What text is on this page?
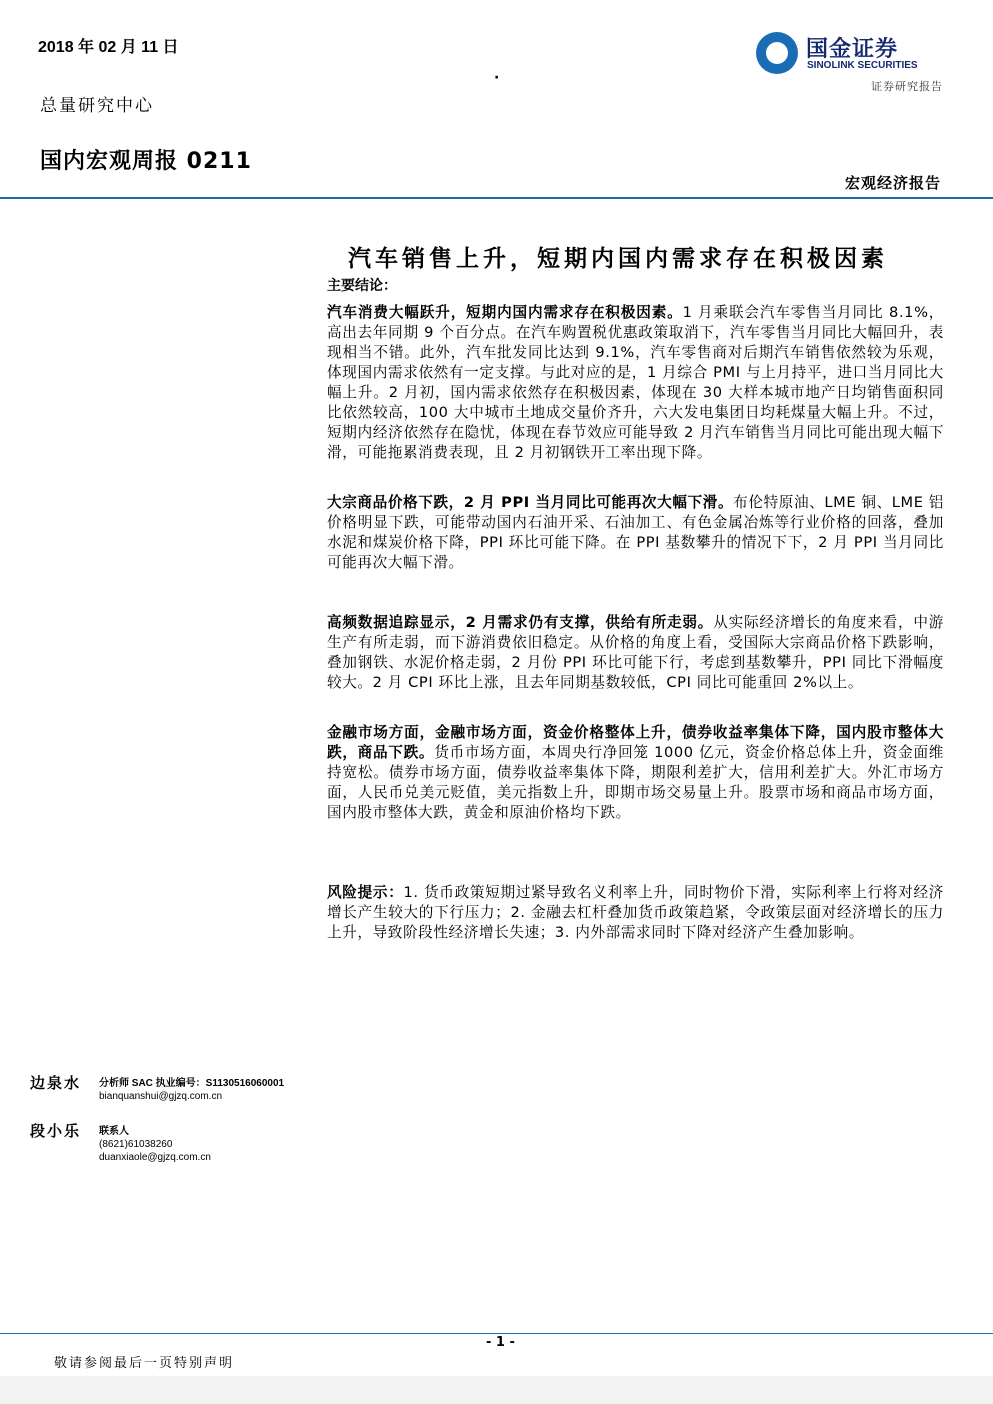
2018 年 02 月 11 日
·
总量研究中心
国内宏观周报 0211
国金证券
SINOLINK SECURITIES
证券研究报告
宏观经济报告
汽车销售上升，短期内国内需求存在积极因素
主要结论：
汽车消费大幅跃升，短期内国内需求存在积极因素。1 月乘联会汽车零售当月同比 8.1%，高出去年同期 9 个百分点。在汽车购置税优惠政策取消下，汽车零售当月同比大幅回升，表现相当不错。此外，汽车批发同比达到 9.1%，汽车零售商对后期汽车销售依然较为乐观，体现国内需求依然有一定支撑。与此对应的是，1 月综合 PMI 与上月持平，进口当月同比大幅上升。2 月初，国内需求依然存在积极因素，体现在 30 大样本城市地产日均销售面积同比依然较高，100 大中城市土地成交量价齐升，六大发电集团日均耗煤量大幅上升。不过，短期内经济依然存在隐忧，体现在春节效应可能导致 2 月汽车销售当月同比可能出现大幅下滑，可能拖累消费表现，且 2 月初钢铁开工率出现下降。
大宗商品价格下跌，2 月 PPI 当月同比可能再次大幅下滑。布伦特原油、LME 铜、LME 铝价格明显下跌，可能带动国内石油开采、石油加工、有色金属冶炼等行业价格的回落，叠加水泥和煤炭价格下降，PPI 环比可能下降。在 PPI 基数攀升的情况下下，2 月 PPI 当月同比可能再次大幅下滑。
高频数据追踪显示，2 月需求仍有支撑，供给有所走弱。从实际经济增长的角度来看，中游生产有所走弱，而下游消费依旧稳定。从价格的角度上看，受国际大宗商品价格下跌影响，叠加钢铁、水泥价格走弱，2 月份 PPI 环比可能下行，考虑到基数攀升，PPI 同比下滑幅度较大。2 月 CPI 环比上涨，且去年同期基数较低，CPI 同比可能重回 2%以上。
金融市场方面，金融市场方面，资金价格整体上升，债券收益率集体下降，国内股市整体大跌，商品下跌。货币市场方面，本周央行净回笼 1000 亿元，资金价格总体上升，资金面维持宽松。债券市场方面，债券收益率集体下降，期限利差扩大，信用利差扩大。外汇市场方面，人民币兑美元贬值，美元指数上升，即期市场交易量上升。股票市场和商品市场方面，国内股市整体大跌，黄金和原油价格均下跌。
风险提示：1. 货币政策短期过紧导致名义利率上升，同时物价下滑，实际利率上行将对经济增长产生较大的下行压力；2. 金融去杠杆叠加货币政策趋紧，令政策层面对经济增长的压力上升，导致阶段性经济增长失速；3. 内外部需求同时下降对经济产生叠加影响。
边泉水 分析师 SAC 执业编号：S1130516060001
bianquanshui@gjzq.com.cn
段小乐 联系人
(8621)61038260
duanxiaole@gjzq.com.cn
- 1 -
敬请参阅最后一页特别声明
